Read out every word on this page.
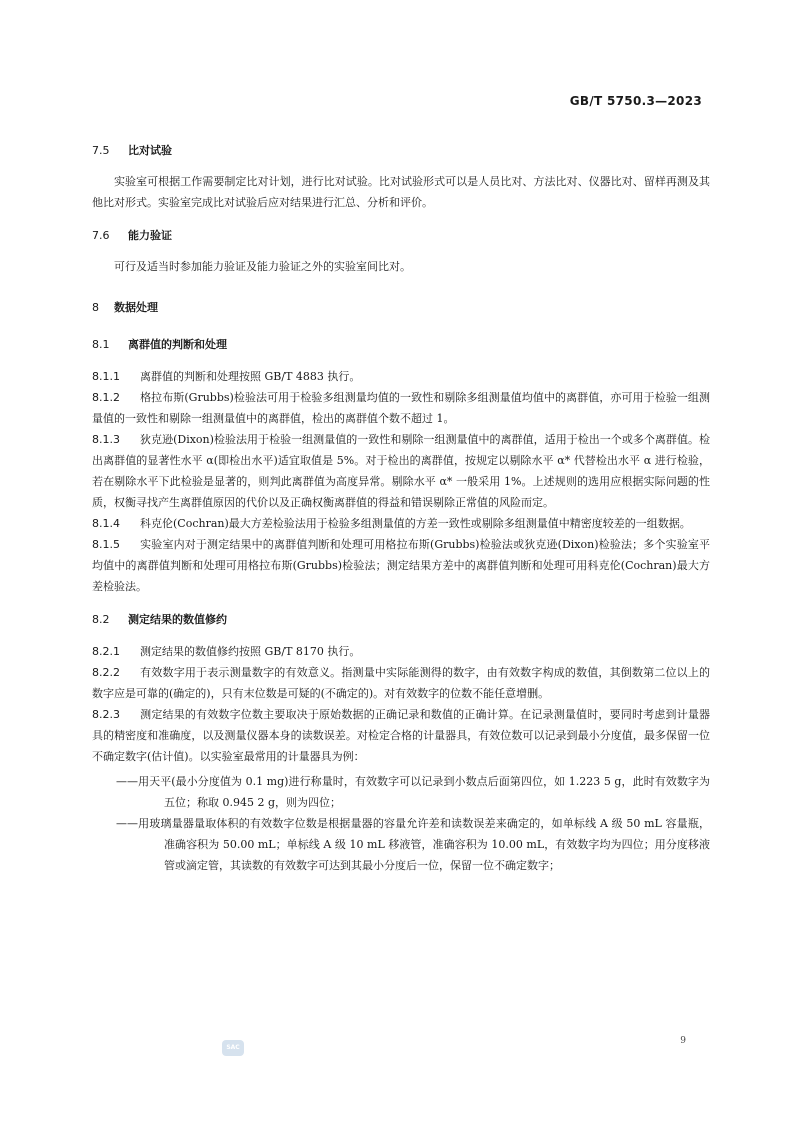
GB/T 5750.3—2023
7.5 比对试验
实验室可根据工作需要制定比对计划，进行比对试验。比对试验形式可以是人员比对、方法比对、仪器比对、留样再测及其他比对形式。实验室完成比对试验后应对结果进行汇总、分析和评价。
7.6 能力验证
可行及适当时参加能力验证及能力验证之外的实验室间比对。
8 数据处理
8.1 离群值的判断和处理
8.1.1 离群值的判断和处理按照 GB/T 4883 执行。
8.1.2 格拉布斯(Grubbs)检验法可用于检验多组测量均值的一致性和剔除多组测量值均值中的离群值，亦可用于检验一组测量值的一致性和剔除一组测量值中的离群值，检出的离群值个数不超过 1。
8.1.3 狄克逊(Dixon)检验法用于检验一组测量值的一致性和剔除一组测量值中的离群值，适用于检出一个或多个离群值。检出离群值的显著性水平 α(即检出水平)适宜取值是 5%。对于检出的离群值，按规定以剔除水平 α* 代替检出水平 α 进行检验，若在剔除水平下此检验是显著的，则判此离群值为高度异常。剔除水平 α* 一般采用 1%。上述规则的选用应根据实际问题的性质，权衡寻找产生离群值原因的代价以及正确权衡离群值的得益和错误剔除正常值的风险而定。
8.1.4 科克伦(Cochran)最大方差检验法用于检验多组测量值的方差一致性或剔除多组测量值中精密度较差的一组数据。
8.1.5 实验室内对于测定结果中的离群值判断和处理可用格拉布斯(Grubbs)检验法或狄克逊(Dixon)检验法；多个实验室平均值中的离群值判断和处理可用格拉布斯(Grubbs)检验法；测定结果方差中的离群值判断和处理可用科克伦(Cochran)最大方差检验法。
8.2 测定结果的数值修约
8.2.1 测定结果的数值修约按照 GB/T 8170 执行。
8.2.2 有效数字用于表示测量数字的有效意义。指测量中实际能测得的数字，由有效数字构成的数值，其倒数第二位以上的数字应是可靠的(确定的)，只有末位数是可疑的(不确定的)。对有效数字的位数不能任意增删。
8.2.3 测定结果的有效数字位数主要取决于原始数据的正确记录和数值的正确计算。在记录测量值时，要同时考虑到计量器具的精密度和准确度，以及测量仪器本身的读数误差。对检定合格的计量器具，有效位数可以记录到最小分度值，最多保留一位不确定数字(估计值)。以实验室最常用的计量器具为例：
——用天平(最小分度值为 0.1 mg)进行称量时，有效数字可以记录到小数点后面第四位，如 1.223 5 g，此时有效数字为五位；称取 0.945 2 g，则为四位；
——用玻璃量器量取体积的有效数字位数是根据量器的容量允许差和读数误差来确定的，如单标线 A 级 50 mL 容量瓶，准确容积为 50.00 mL；单标线 A 级 10 mL 移液管，准确容积为 10.00 mL，有效数字均为四位；用分度移液管或滴定管，其读数的有效数字可达到其最小分度后一位，保留一位不确定数字；
SAC
9
